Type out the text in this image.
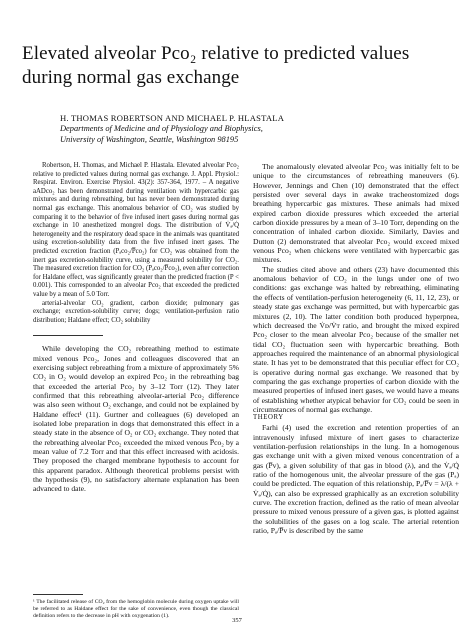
Elevated alveolar Pco₂ relative to predicted values during normal gas exchange

H. THOMAS ROBERTSON AND MICHAEL P. HLASTALA

Departments of Medicine and of Physiology and Biophysics,
University of Washington, Seattle, Washington 98195

Robertson, H. Thomas, and Michael P. Hlastala. Elevated alveolar Pco₂ relative to predicted values during normal gas exchange. J. Appl. Physiol.: Respirat. Environ. Exercise Physiol. 43(2): 357-364, 1977. – A negative aADco₂ has been demonstrated during ventilation with hypercarbic gas mixtures and during rebreathing, but has never been demonstrated during normal gas exchange. This anomalous behavior of CO₂ was studied by comparing it to the behavior of five infused inert gases during normal gas exchange in 10 anesthetized mongrel dogs. The distribution of V̇ₐ/Q̇ heterogeneity and the respiratory dead space in the animals was quantitated using excretion-solubility data from the five infused inert gases. The predicted excretion fraction (Pₐco₂/P̅co₂) for CO₂ was obtained from the inert gas excretion-solubility curve, using a measured solubility for CO₂. The measured excretion fraction for CO₂ (Pₐco₂/P̅co₂), even after correction for Haldane effect, was significantly greater than the predicted fraction (P < 0.001). This corresponded to an alveolar Pco₂ that exceeded the predicted value by a mean of 5.0 Torr.

arterial-alveolar CO₂ gradient, carbon dioxide; pulmonary gas exchange; excretion-solubility curve; dogs; ventilation-perfusion ratio distribution; Haldane effect; CO₂ solubility

While developing the CO₂ rebreathing method to estimate mixed venous Pco₂, Jones and colleagues discovered that an exercising subject rebreathing from a mixture of approximately 5% CO₂ in O₂ would develop an expired Pco₂ in the rebreathing bag that exceeded the arterial Pco₂ by 3–12 Torr (12). They later confirmed that this rebreathing alveolar-arterial Pco₂ difference was also seen without O₂ exchange, and could not be explained by Haldane effect¹ (11). Gurtner and colleagues (6) developed an isolated lobe preparation in dogs that demonstrated this effect in a steady state in the absence of O₂ or CO₂ exchange. They noted that the rebreathing alveolar Pco₂ exceeded the mixed venous P̅co₂ by a mean value of 7.2 Torr and that this effect increased with acidosis. They proposed the charged membrane hypothesis to account for this apparent paradox. Although theoretical problems persist with the hypothesis (9), no satisfactory alternate explanation has been advanced to date.

¹ The facilitated release of CO₂ from the hemoglobin molecule during oxygen uptake will be referred to as Haldane effect for the sake of convenience, even though the classical definition refers to the decrease in pH with oxygenation (1).

The anomalously elevated alveolar Pco₂ was initially felt to be unique to the circumstances of rebreathing maneuvers (6). However, Jennings and Chen (10) demonstrated that the effect persisted over several days in awake tracheostomized dogs breathing hypercarbic gas mixtures. These animals had mixed expired carbon dioxide pressures which exceeded the arterial carbon dioxide pressures by a mean of 3–10 Torr, depending on the concentration of inhaled carbon dioxide. Similarly, Davies and Dutton (2) demonstrated that alveolar Pco₂ would exceed mixed venous Pco₂ when chickens were ventilated with hypercarbic gas mixtures.

The studies cited above and others (23) have documented this anomalous behavior of CO₂ in the lungs under one of two conditions: gas exchange was halted by rebreathing, eliminating the effects of ventilation-perfusion heterogeneity (6, 11, 12, 23), or steady state gas exchange was permitted, but with hypercarbic gas mixtures (2, 10). The latter condition both produced hyperpnea, which decreased the V̇ᴅ/V̇ᴛ ratio, and brought the mixed expired Pco₂ closer to the mean alveolar Pco₂ because of the smaller net tidal CO₂ fluctuation seen with hypercarbic breathing. Both approaches required the maintenance of an abnormal physiological state. It has yet to be demonstrated that this peculiar effect for CO₂ is operative during normal gas exchange. We reasoned that by comparing the gas exchange properties of carbon dioxide with the measured properties of infused inert gases, we would have a means of establishing whether atypical behavior for CO₂ could be seen in circumstances of normal gas exchange.

THEORY

Farhi (4) used the excretion and retention properties of an intravenously infused mixture of inert gases to characterize ventilation-perfusion relationships in the lung. In a homogenous gas exchange unit with a given mixed venous concentration of a gas (P̅v), a given solubility of that gas in blood (λ), and the V̇ₐ/Q̇ ratio of the homogenous unit, the alveolar pressure of the gas (Pₐ) could be predicted. The equation of this relationship, Pₐ/P̅v = λ/(λ + V̇ₐ/Q̇), can also be expressed graphically as an excretion solubility curve. The excretion fraction, defined as the ratio of mean alveolar pressure to mixed venous pressure of a given gas, is plotted against the solubilities of the gases on a log scale. The arterial retention ratio, Pₐ/P̅v is described by the same

357
